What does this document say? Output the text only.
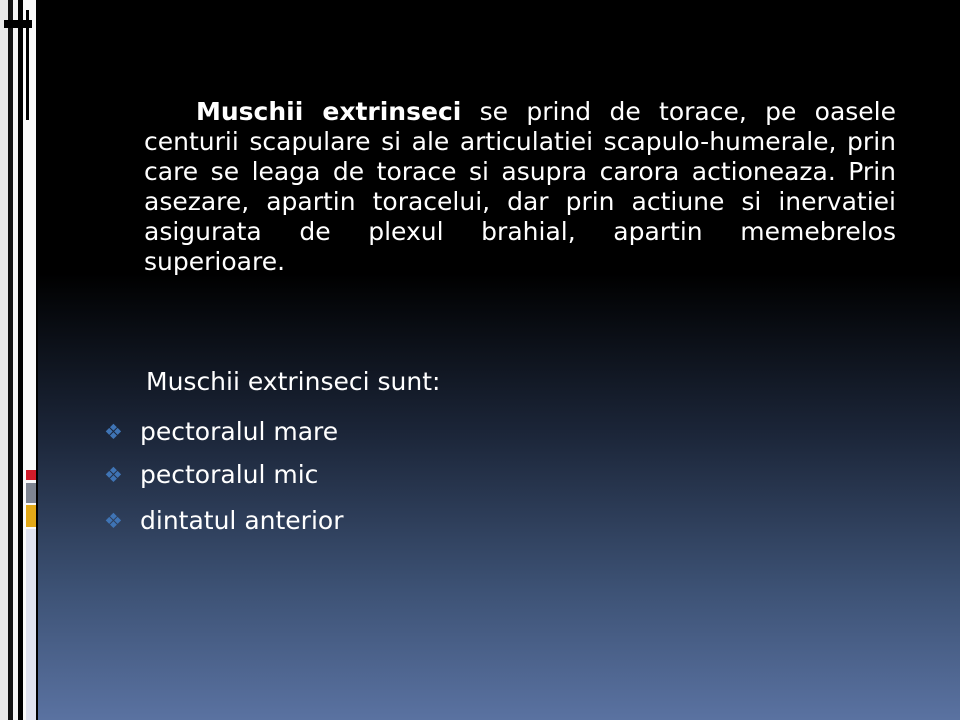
Muschii extrinseci se prind de torace, pe oasele centurii scapulare si ale articulatiei scapulo-humerale, prin care se leaga de torace si asupra carora actioneaza. Prin asezare, apartin toracelui, dar prin actiune si inervatiei asigurata de plexul brahial, apartin memebrelos superioare.

Muschii extrinseci sunt:
❖ pectoralul mare
❖ pectoralul mic
❖ dintatul anterior
